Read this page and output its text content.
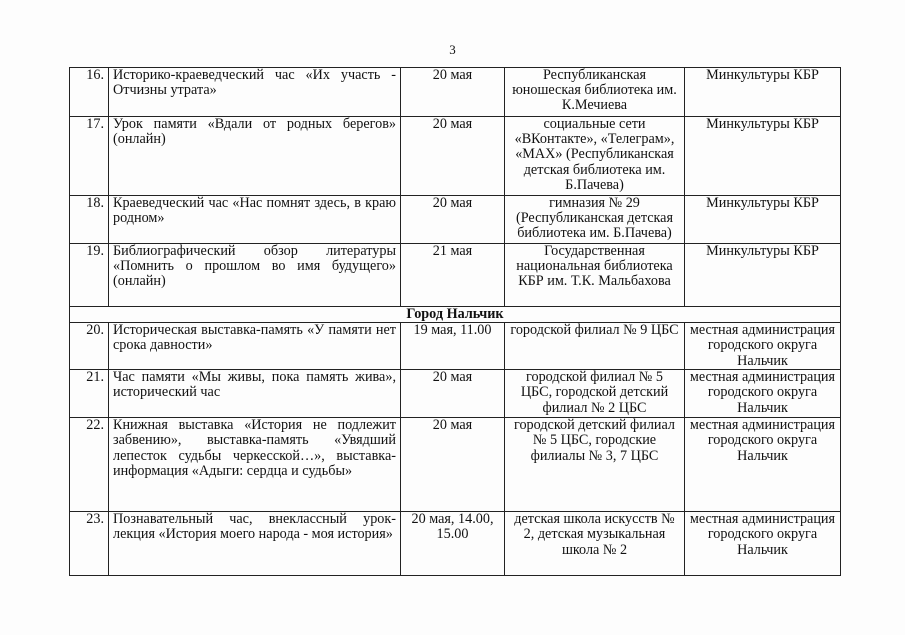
3
16.	Историко-краеведческий час «Их участь - Отчизны утрата»	20 мая	Республиканская юношеская библиотека им. К.Мечиева	Минкультуры КБР
17.	Урок памяти «Вдали от родных берегов» (онлайн)	20 мая	социальные сети «ВКонтакте», «Телеграм», «MAX» (Республиканская детская библиотека им. Б.Пачева)	Минкультуры КБР
18.	Краеведческий час «Нас помнят здесь, в краю родном»	20 мая	гимназия № 29 (Республиканская детская библиотека им. Б.Пачева)	Минкультуры КБР
19.	Библиографический обзор литературы «Помнить о прошлом во имя будущего» (онлайн)	21 мая	Государственная национальная библиотека КБР им. Т.К. Мальбахова	Минкультуры КБР
Город Нальчик				
20.	Историческая выставка-память «У памяти нет срока давности»	19 мая, 11.00	городской филиал № 9 ЦБС	местная администрация городского округа Нальчик
21.	Час памяти «Мы живы, пока память жива», исторический час	20 мая	городской филиал № 5 ЦБС, городской детский филиал № 2 ЦБС	местная администрация городского округа Нальчик
22.	Книжная выставка «История не подлежит забвению», выставка-память «Увядший лепесток судьбы черкесской…», выставка-информация «Адыги: сердца и судьбы»	20 мая	городской детский филиал № 5 ЦБС, городские филиалы № 3, 7 ЦБС	местная администрация городского округа Нальчик
23.	Познавательный час, внеклассный урок-лекция «История моего народа - моя история»	20 мая, 14.00, 15.00	детская школа искусств № 2, детская музыкальная школа № 2	местная администрация городского округа Нальчик
